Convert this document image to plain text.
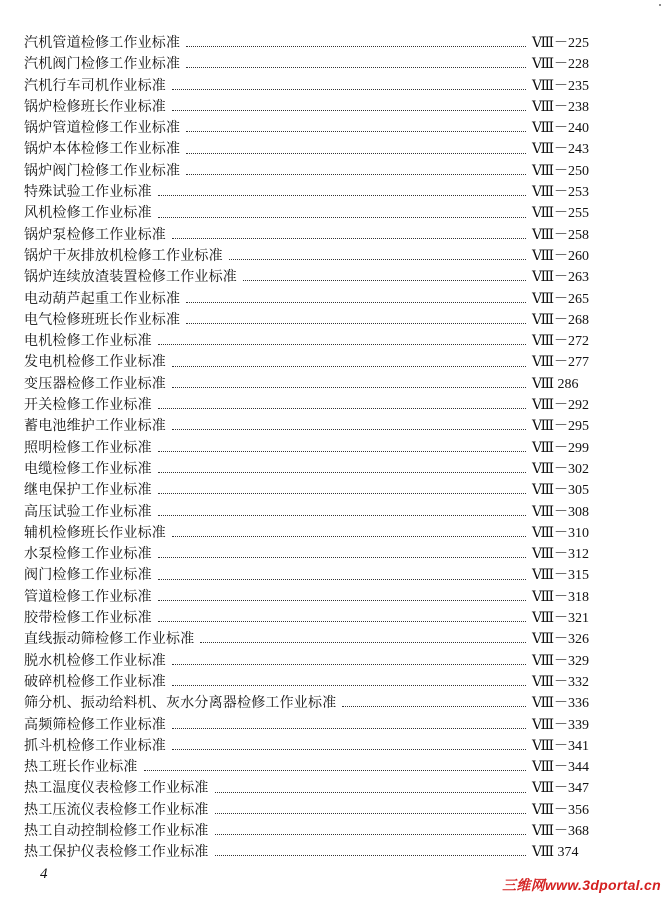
汽机管道检修工作业标准	Ⅷ－225
汽机阀门检修工作业标准	Ⅷ－228
汽机行车司机作业标准	Ⅷ－235
锅炉检修班长作业标准	Ⅷ－238
锅炉管道检修工作业标准	Ⅷ－240
锅炉本体检修工作业标准	Ⅷ－243
锅炉阀门检修工作业标准	Ⅷ－250
特殊试验工作业标准	Ⅷ－253
风机检修工作业标准	Ⅷ－255
锅炉泵检修工作业标准	Ⅷ－258
锅炉干灰排放机检修工作业标准	Ⅷ－260
锅炉连续放渣装置检修工作业标准	Ⅷ－263
电动葫芦起重工作业标准	Ⅷ－265
电气检修班班长作业标准	Ⅷ－268
电机检修工作业标准	Ⅷ－272
发电机检修工作业标准	Ⅷ－277
变压器检修工作业标准	Ⅷ 286
开关检修工作业标准	Ⅷ－292
蓄电池维护工作业标准	Ⅷ－295
照明检修工作业标准	Ⅷ－299
电缆检修工作业标准	Ⅷ－302
继电保护工作业标准	Ⅷ－305
高压试验工作业标准	Ⅷ－308
辅机检修班长作业标准	Ⅷ－310
水泵检修工作业标准	Ⅷ－312
阀门检修工作业标准	Ⅷ－315
管道检修工作业标准	Ⅷ－318
胶带检修工作业标准	Ⅷ－321
直线振动筛检修工作业标准	Ⅷ－326
脱水机检修工作业标准	Ⅷ－329
破碎机检修工作业标准	Ⅷ－332
筛分机、振动给料机、灰水分离器检修工作业标准	Ⅷ－336
高频筛检修工作业标准	Ⅷ－339
抓斗机检修工作业标准	Ⅷ－341
热工班长作业标准	Ⅷ－344
热工温度仪表检修工作业标准	Ⅷ－347
热工压流仪表检修工作业标准	Ⅷ－356
热工自动控制检修工作业标准	Ⅷ－368
热工保护仪表检修工作业标准	Ⅷ 374
4
三维网www.3dportal.cn
